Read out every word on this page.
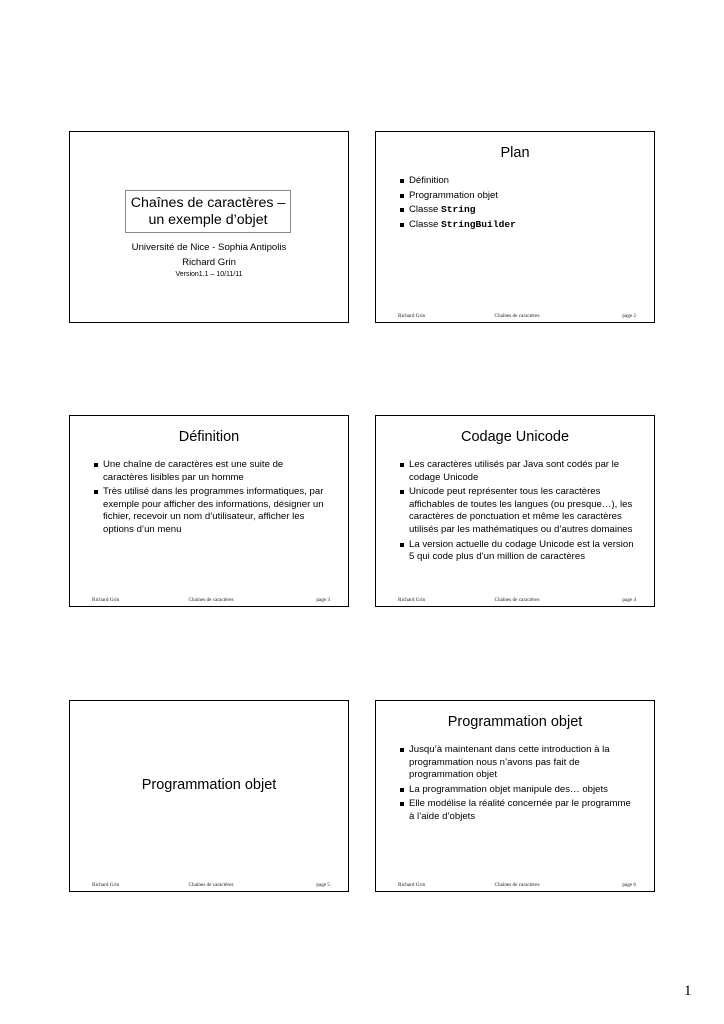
Chaînes de caractères –
un exemple d’objet
Université de Nice - Sophia Antipolis
Richard Grin
Version1.1 – 10/11/11
Plan
Définition
Programmation objet
Classe String
Classe StringBuilder
Richard Grin	Chaînes de caractères	page 2
Définition
Une chaîne de caractères est une suite de caractères lisibles par un homme
Très utilisé dans les programmes informatiques, par exemple pour afficher des informations, désigner un fichier, recevoir un nom d’utilisateur, afficher les options d’un menu
Richard Grin	Chaînes de caractères	page 3
Codage Unicode
Les caractères utilisés par Java sont codés par le codage Unicode
Unicode peut représenter tous les caractères affichables de toutes les langues (ou presque…), les caractères de ponctuation et même les caractères utilisés par les mathématiques ou d’autres domaines
La version actuelle du codage Unicode est la version 5 qui code plus d’un million de caractères
Richard Grin	Chaînes de caractères	page 4
Programmation objet
Richard Grin	Chaînes de caractères	page 5
Programmation objet
Jusqu’à maintenant dans cette introduction à la programmation nous n’avons pas fait de programmation objet
La programmation objet manipule des… objets
Elle modélise la réalité concernée par le programme à l’aide d’objets
Richard Grin	Chaînes de caractères	page 6
1
